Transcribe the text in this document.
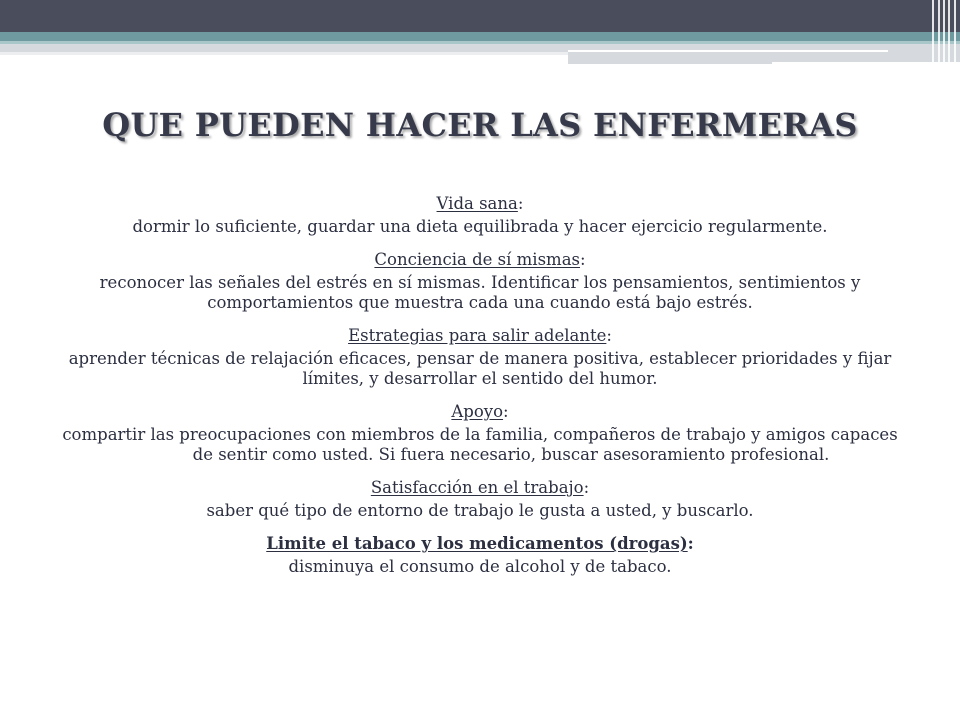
QUE PUEDEN HACER LAS ENFERMERAS
Vida sana:
dormir lo suficiente, guardar una dieta equilibrada y hacer ejercicio regularmente.
Conciencia de sí mismas:
reconocer las señales del estrés en sí mismas. Identificar los pensamientos, sentimientos y comportamientos que muestra cada una cuando está bajo estrés.
Estrategias para salir adelante:
aprender técnicas de relajación eficaces, pensar de manera positiva, establecer prioridades y fijar límites, y desarrollar el sentido del humor.
Apoyo:
compartir las preocupaciones con miembros de la familia, compañeros de trabajo y amigos capaces de sentir como usted. Si fuera necesario, buscar asesoramiento profesional.
Satisfacción en el trabajo:
saber qué tipo de entorno de trabajo le gusta a usted, y buscarlo.
Limite el tabaco y los medicamentos (drogas):
disminuya el consumo de alcohol y de tabaco.
